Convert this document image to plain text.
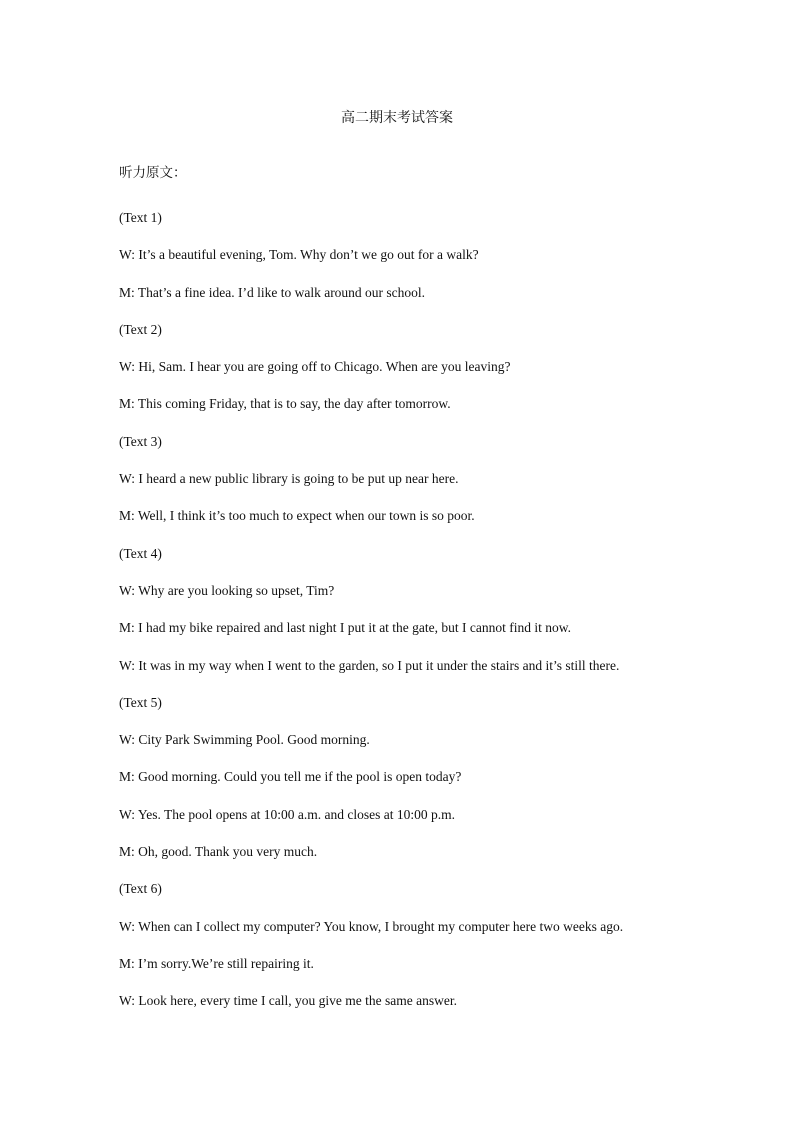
高二期末考试答案
听力原文：
(Text 1)
W: It’s a beautiful evening, Tom. Why don’t we go out for a walk?
M: That’s a fine idea. I’d like to walk around our school.
(Text 2)
W: Hi, Sam. I hear you are going off to Chicago. When are you leaving?
M: This coming Friday, that is to say, the day after tomorrow.
(Text 3)
W: I heard a new public library is going to be put up near here.
M: Well, I think it’s too much to expect when our town is so poor.
(Text 4)
W: Why are you looking so upset, Tim?
M: I had my bike repaired and last night I put it at the gate, but I cannot find it now.
W: It was in my way when I went to the garden, so I put it under the stairs and it’s still there.
(Text 5)
W: City Park Swimming Pool. Good morning.
M: Good morning. Could you tell me if the pool is open today?
W: Yes. The pool opens at 10:00 a.m. and closes at 10:00 p.m.
M: Oh, good. Thank you very much.
(Text 6)
W: When can I collect my computer? You know, I brought my computer here two weeks ago.
M: I’m sorry.We’re still repairing it.
W: Look here, every time I call, you give me the same answer.
